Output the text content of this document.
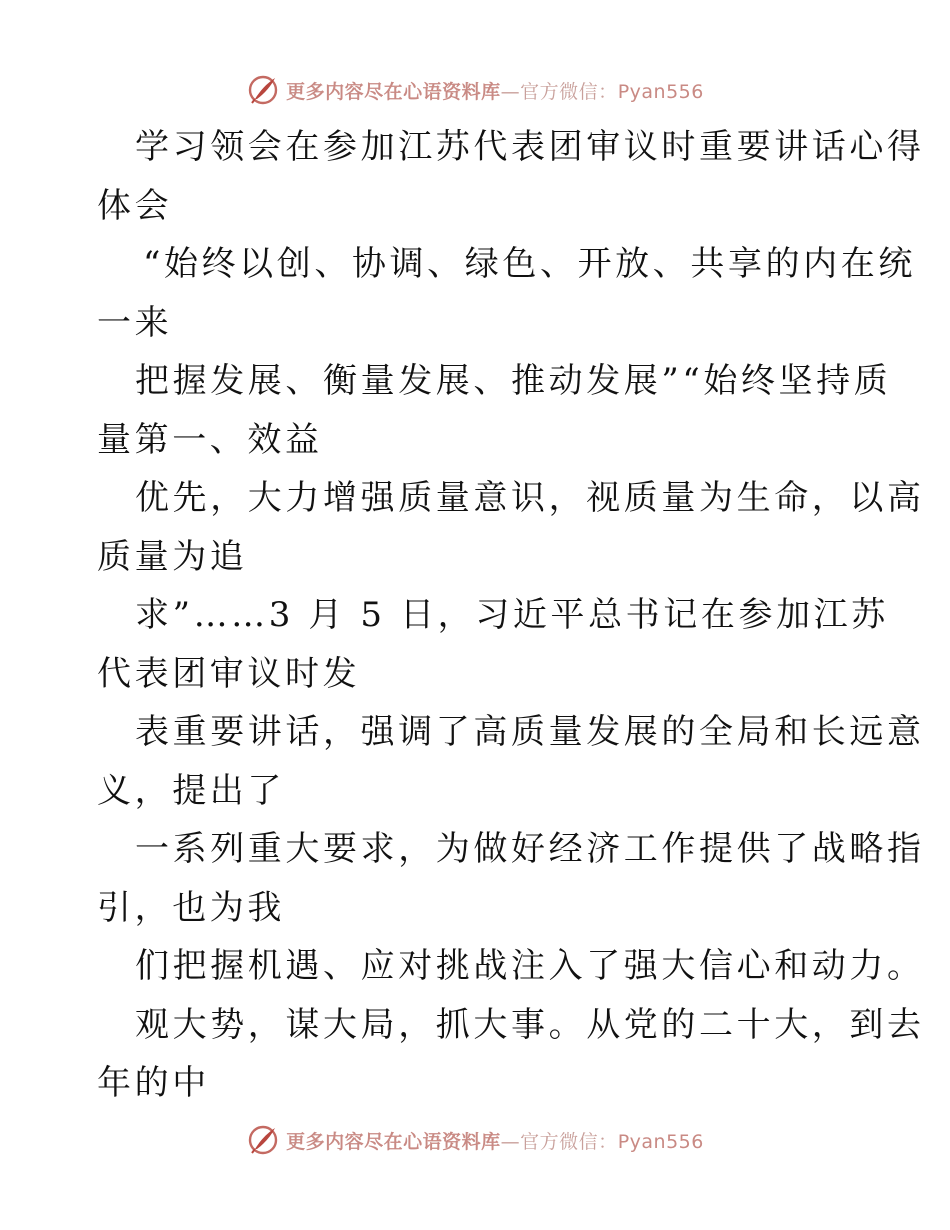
更多内容尽在心语资料库—官方微信：Pyan556
学习领会在参加江苏代表团审议时重要讲话心得
体会
“始终以创、协调、绿色、开放、共享的内在统
一来
把握发展、衡量发展、推动发展”“始终坚持质
量第一、效益
优先，大力增强质量意识，视质量为生命，以高
质量为追
求”……3 月 5 日，习近平总书记在参加江苏
代表团审议时发
表重要讲话，强调了高质量发展的全局和长远意
义，提出了
一系列重大要求，为做好经济工作提供了战略指
引，也为我
们把握机遇、应对挑战注入了强大信心和动力。
观大势，谋大局，抓大事。从党的二十大，到去
年的中
更多内容尽在心语资料库—官方微信：Pyan556
